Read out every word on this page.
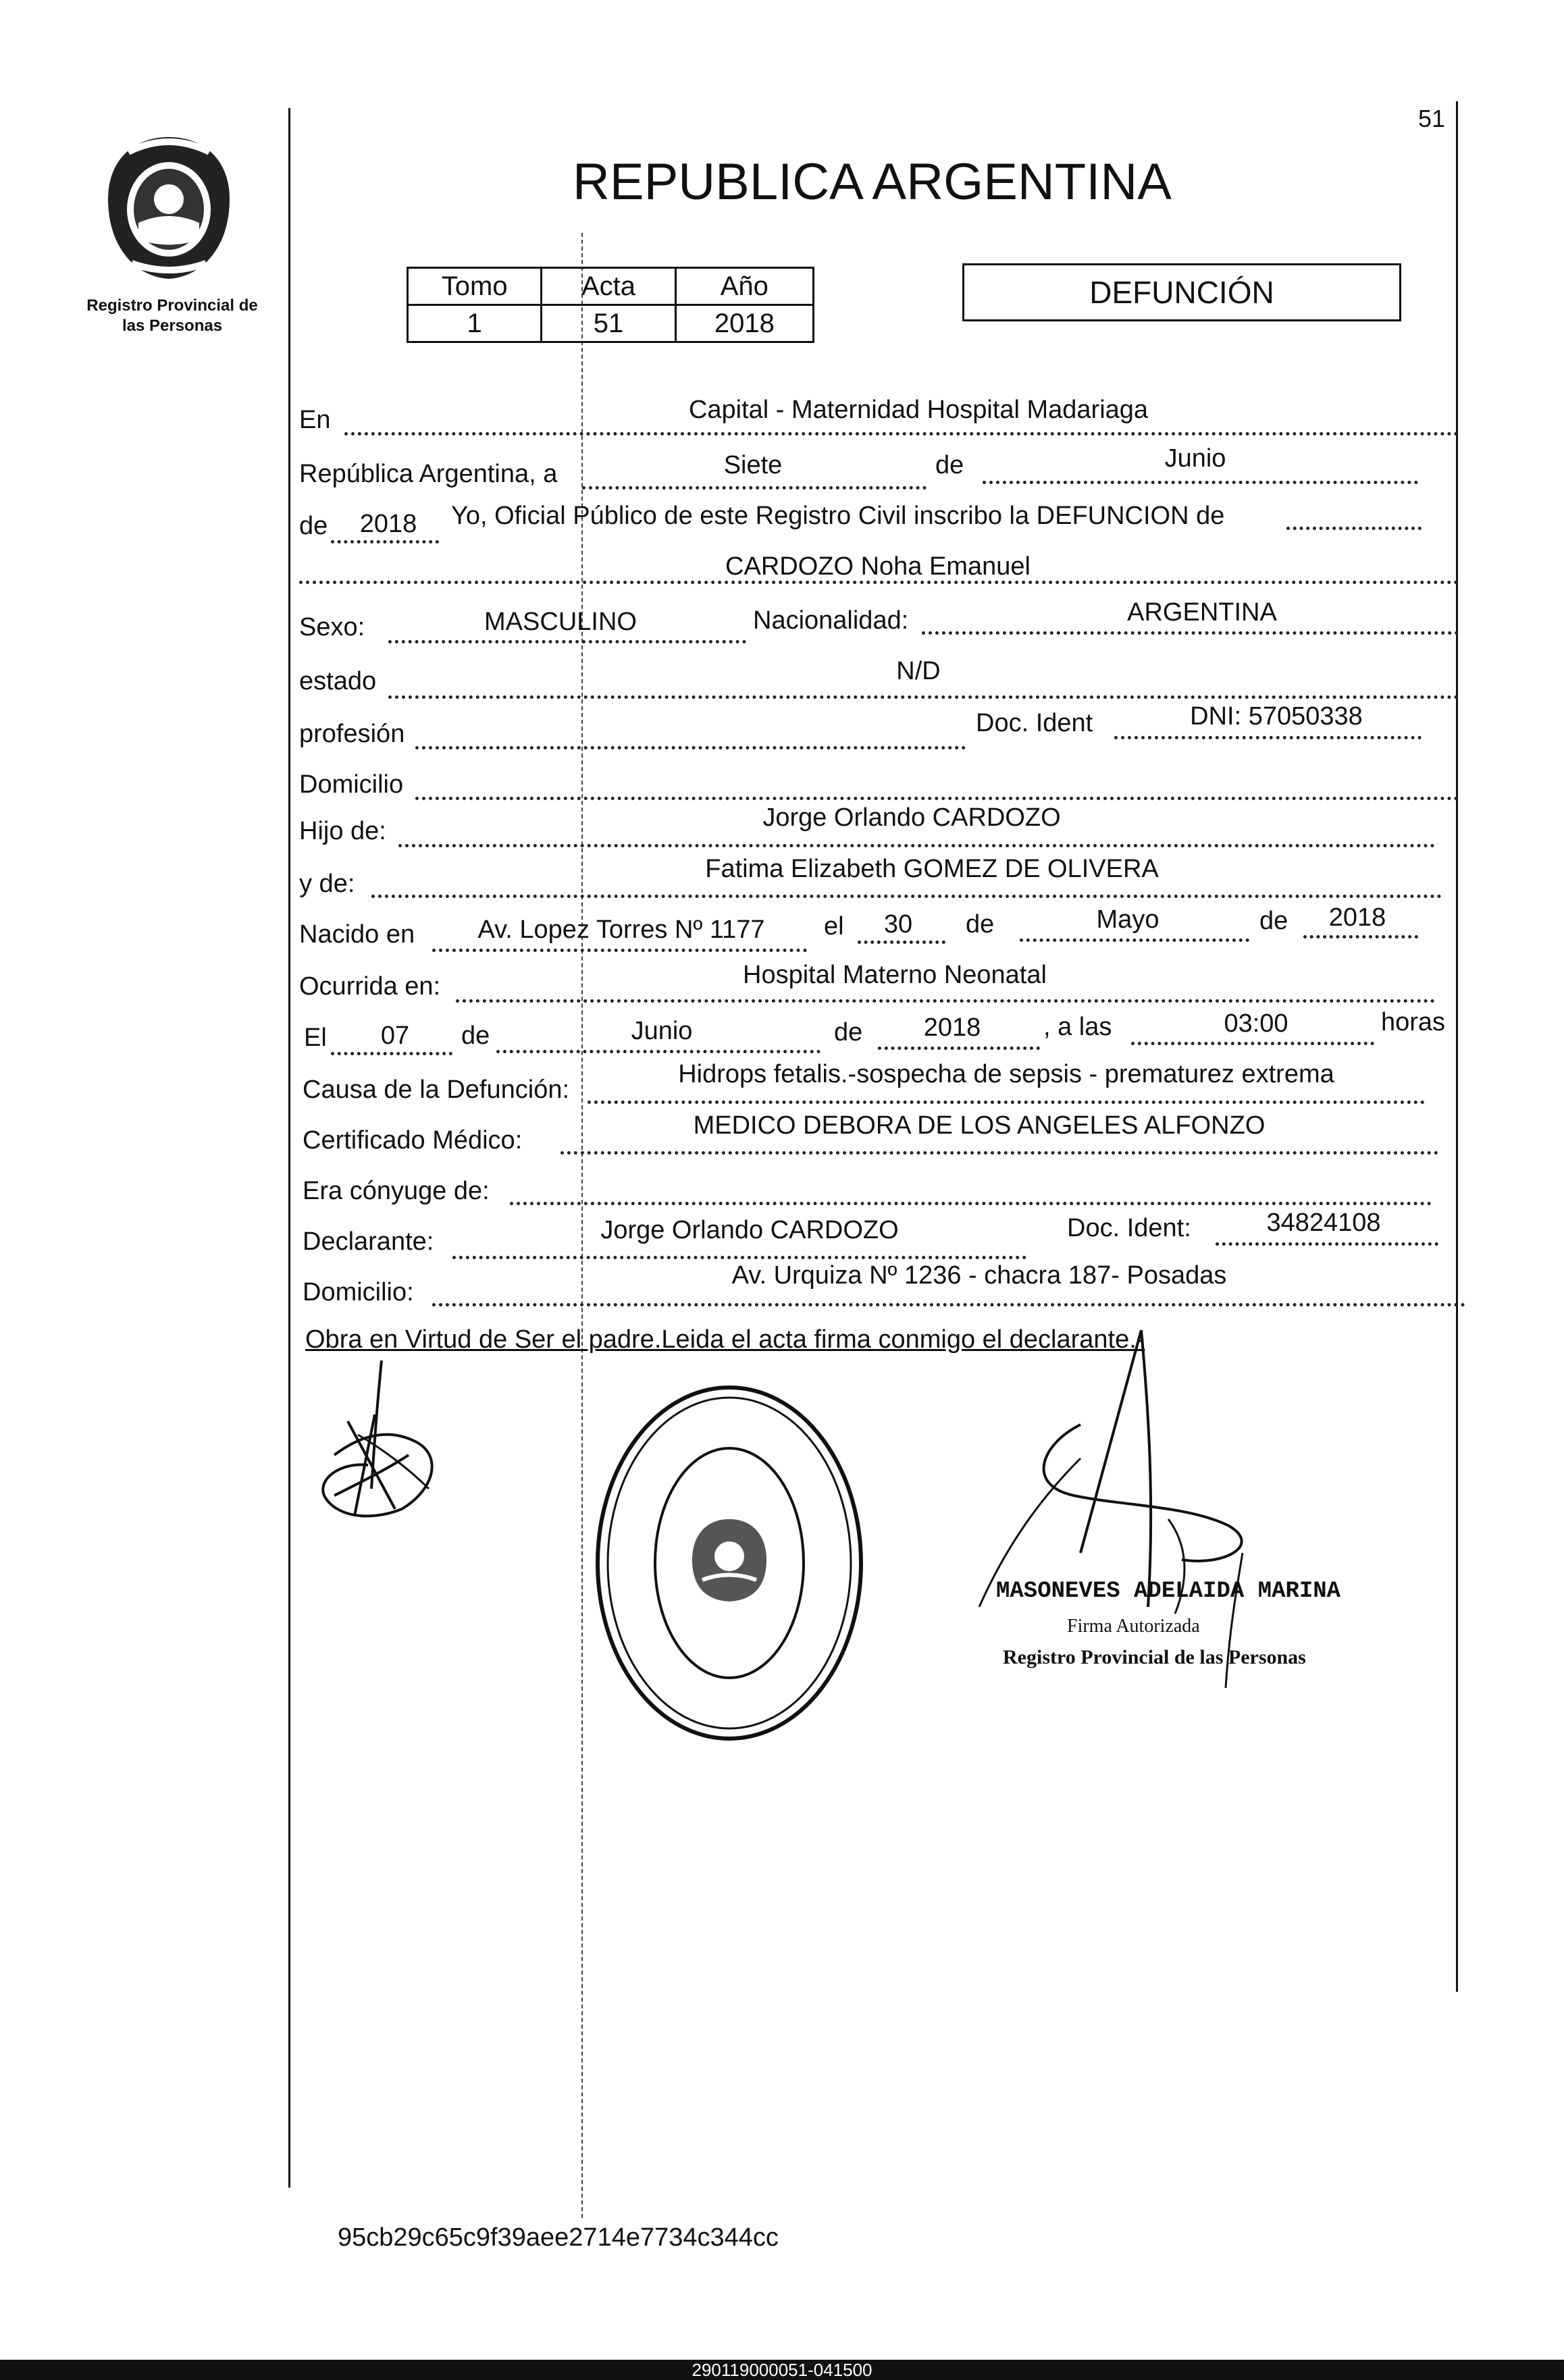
Registro Provincial de las Personas
51
REPUBLICA ARGENTINA
Tomo	Acta	Año
1	51	2018
DEFUNCIÓN
En	Capital - Maternidad Hospital Madariaga
República Argentina, a	Siete	de	Junio
de	2018	Yo, Oficial Público de este Registro Civil inscribo la DEFUNCION de
CARDOZO Noha Emanuel
Sexo:	MASCULINO	Nacionalidad:	ARGENTINA
estado	N/D
profesión	Doc. Ident	DNI: 57050338
Domicilio
Hijo de:	Jorge Orlando CARDOZO
y de:
Fatima Elizabeth GOMEZ DE OLIVERA
Nacido en	Av. Lopez Torres Nº 1177	el	30	de	Mayo	de	2018
Ocurrida en:	Hospital Materno Neonatal
El	07	de	Junio	de	2018	, a las	03:00	horas
Causa de la Defunción:
Hidrops fetalis.-sospecha de sepsis - prematurez extrema
Certificado Médico:
MEDICO DEBORA DE LOS ANGELES ALFONZO
Era cónyuge de:
Declarante:	Jorge Orlando CARDOZO	Doc. Ident:	34824108
Domicilio:
Av. Urquiza Nº 1236 - chacra 187- Posadas
Obra en Virtud de Ser el padre.Leida el acta firma conmigo el declarante.-
MASONEVES ADELAIDA MARINA
Firma Autorizada
Registro Provincial de las Personas
95cb29c65c9f39aee2714e7734c344cc
290119000051-041500
